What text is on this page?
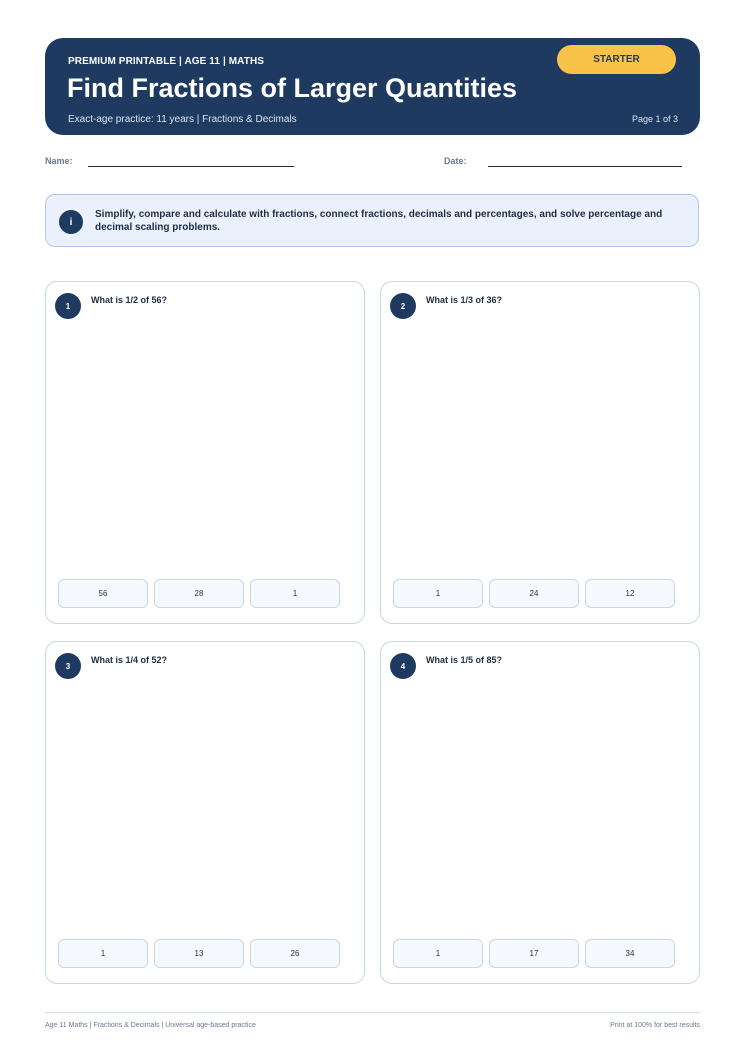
PREMIUM PRINTABLE | AGE 11 | MATHS
Find Fractions of Larger Quantities
Exact-age practice: 11 years | Fractions & Decimals	Page 1 of 3
STARTER
Name:	Date:
i
Simplify, compare and calculate with fractions, connect fractions, decimals and percentages, and solve percentage and decimal scaling problems.
1
What is 1/2 of 56?
56	28	1
2
What is 1/3 of 36?
1	24	12
3
What is 1/4 of 52?
1	13	26
4
What is 1/5 of 85?
1	17	34
Age 11 Maths | Fractions & Decimals | Universal age-based practice	Print at 100% for best results
